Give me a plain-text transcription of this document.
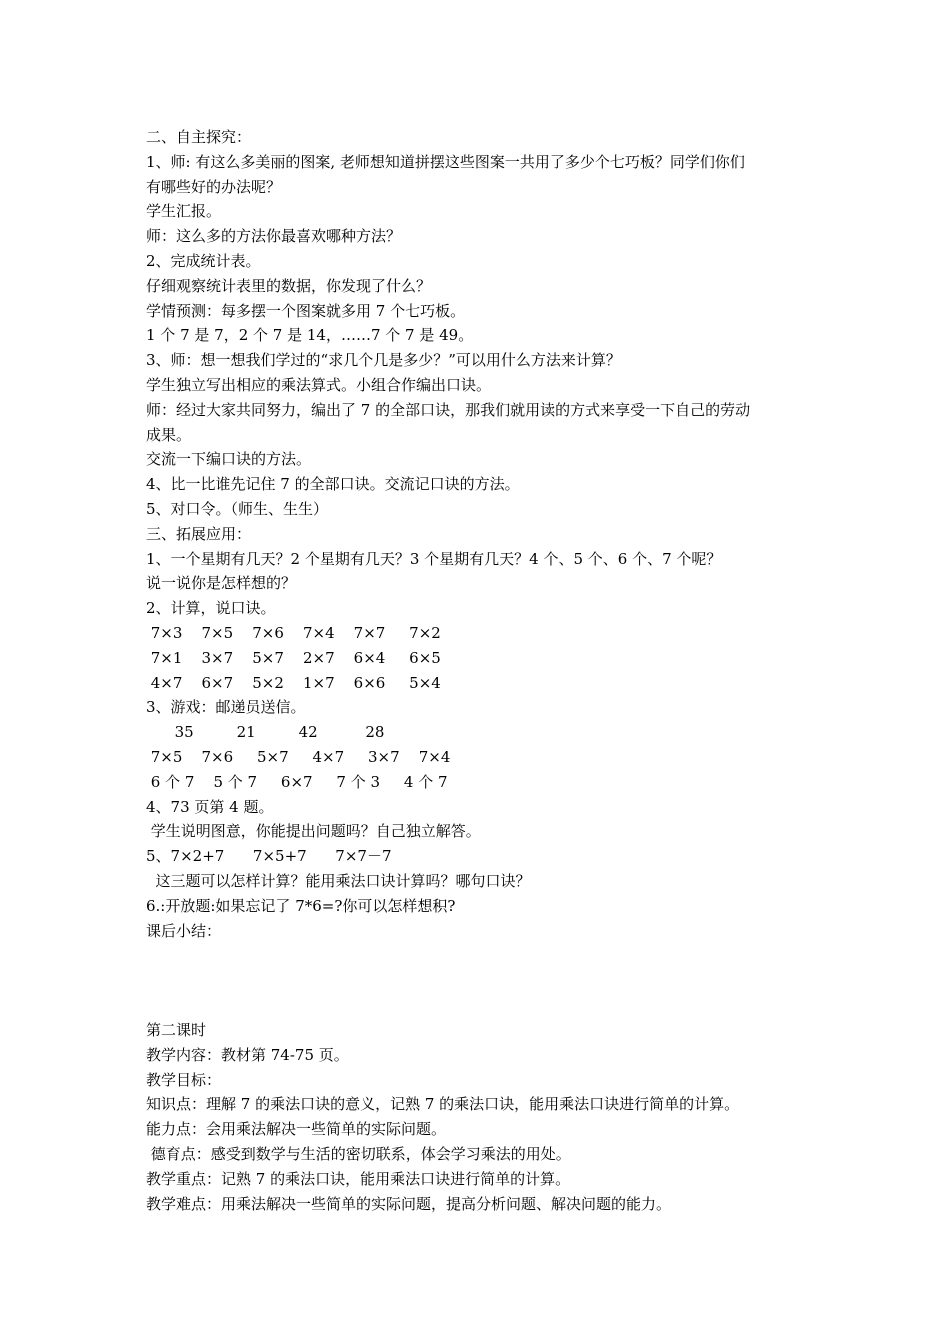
二、自主探究：
1、师: 有这么多美丽的图案, 老师想知道拼摆这些图案一共用了多少个七巧板？同学们你们
有哪些好的办法呢？
学生汇报。
师：这么多的方法你最喜欢哪种方法？
2、完成统计表。
仔细观察统计表里的数据，你发现了什么？
学情预测：每多摆一个图案就多用 7 个七巧板。
1 个 7 是 7，2 个 7 是 14，……7 个 7 是 49。
3、师：想一想我们学过的“求几个几是多少？”可以用什么方法来计算？
学生独立写出相应的乘法算式。小组合作编出口诀。
师：经过大家共同努力，编出了 7 的全部口诀，那我们就用读的方式来享受一下自己的劳动
成果。
交流一下编口诀的方法。
4、比一比谁先记住 7 的全部口诀。交流记口诀的方法。
5、对口令。（师生、生生）
三、拓展应用：
1、一个星期有几天？2 个星期有几天？3 个星期有几天？4 个、5 个、6 个、7 个呢？
说一说你是怎样想的？
2、计算，说口诀。
7×3    7×5    7×6    7×4    7×7     7×2
7×1    3×7    5×7    2×7    6×4     6×5
4×7    6×7    5×2    1×7    6×6     5×4
3、游戏：邮递员送信。
35         21         42          28
7×5    7×6     5×7     4×7     3×7    7×4
6 个 7    5 个 7     6×7     7 个 3     4 个 7
4、73 页第 4 题。
学生说明图意，你能提出问题吗？自己独立解答。
5、7×2+7      7×5+7      7×7－7
这三题可以怎样计算？能用乘法口诀计算吗？哪句口诀？
6.:开放题:如果忘记了 7*6=?你可以怎样想积?
课后小结：
第二课时
教学内容：教材第 74-75 页。
教学目标：
知识点：理解 7 的乘法口诀的意义，记熟 7 的乘法口诀，能用乘法口诀进行简单的计算。
能力点：会用乘法解决一些简单的实际问题。
德育点：感受到数学与生活的密切联系，体会学习乘法的用处。
教学重点：记熟 7 的乘法口诀，能用乘法口诀进行简单的计算。
教学难点：用乘法解决一些简单的实际问题，提高分析问题、解决问题的能力。
